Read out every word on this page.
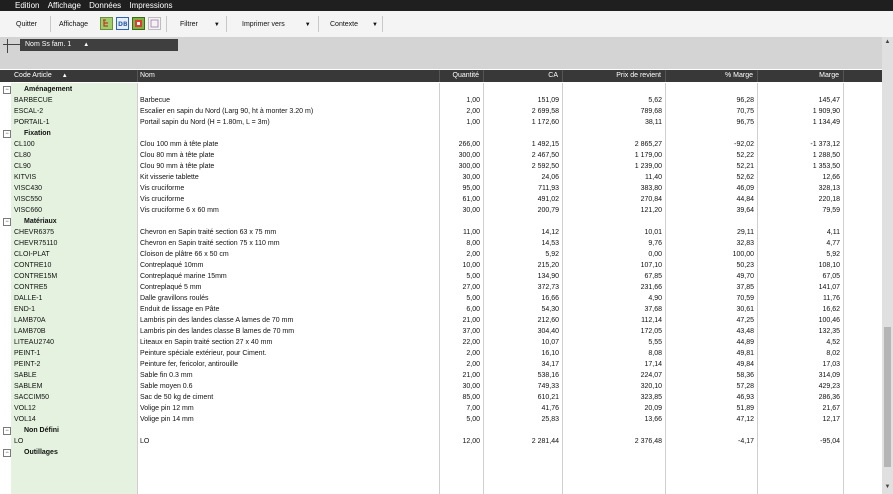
Edition Affichage Données Impressions
Quitter	Affichage	DB	Filtrer	▼	Imprimer vers	▼	Contexte ▼
Nom Ss fam. 1 ▲	▲
▼
Code Article ▲	Nom	Quantité	CA	Prix de revient	% Marge	Marge
−	Aménagement
BARBECUE	Barbecue	1,00	151,09	5,62	96,28	145,47
ESCAL-2	Escalier en sapin du Nord (Larg 90, ht à monter 3.20 m)	2,00	2 699,58	789,68	70,75	1 909,90
PORTAIL-1	Portail sapin du Nord (H = 1.80m, L = 3m)	1,00	1 172,60	38,11	96,75	1 134,49
−	Fixation
CL100	Clou 100 mm à tête plate	266,00	1 492,15	2 865,27	-92,02	-1 373,12
CL80	Clou 80 mm à tête plate	300,00	2 467,50	1 179,00	52,22	1 288,50
CL90	Clou 90 mm à tête plate	300,00	2 592,50	1 239,00	52,21	1 353,50
KITVIS	Kit visserie tablette	30,00	24,06	11,40	52,62	12,66
VISC430	Vis cruciforme	95,00	711,93	383,80	46,09	328,13
VISC550	Vis cruciforme	61,00	491,02	270,84	44,84	220,18
VISC660	Vis cruciforme 6 x 60 mm	30,00	200,79	121,20	39,64	79,59
−	Matériaux
CHEVR6375	Chevron en Sapin traité section 63 x 75 mm	11,00	14,12	10,01	29,11	4,11
CHEVR75110	Chevron en Sapin traité section 75 x 110 mm	8,00	14,53	9,76	32,83	4,77
CLOI-PLAT	Cloison de plâtre 66 x 50 cm	2,00	5,92	0,00	100,00	5,92
CONTRE10	Contreplaqué 10mm	10,00	215,20	107,10	50,23	108,10
CONTRE15M	Contreplaqué marine 15mm	5,00	134,90	67,85	49,70	67,05
CONTRE5	Contreplaqué 5 mm	27,00	372,73	231,66	37,85	141,07
DALLE-1	Dalle gravillons roulés	5,00	16,66	4,90	70,59	11,76
END-1	Enduit de lissage en Pâte	6,00	54,30	37,68	30,61	16,62
LAMB70A	Lambris pin des landes classe A lames de 70 mm	21,00	212,60	112,14	47,25	100,46
LAMB70B	Lambris pin des landes classe B lames de 70 mm	37,00	304,40	172,05	43,48	132,35
LITEAU2740	Liteaux en Sapin traité section 27 x 40 mm	22,00	10,07	5,55	44,89	4,52
PEINT-1	Peinture spéciale extérieur, pour Ciment.	2,00	16,10	8,08	49,81	8,02
PEINT-2	Peinture fer, fericolor, antirouille	2,00	34,17	17,14	49,84	17,03
SABLE	Sable fin 0.3 mm	21,00	538,16	224,07	58,36	314,09
SABLEM	Sable moyen 0.6	30,00	749,33	320,10	57,28	429,23
SACCIM50	Sac de 50 kg de ciment	85,00	610,21	323,85	46,93	286,36
VOL12	Volige pin 12 mm	7,00	41,76	20,09	51,89	21,67
VOL14	Volige pin 14 mm	5,00	25,83	13,66	47,12	12,17
−	Non Défini
LO	LO	12,00	2 281,44	2 376,48	-4,17	-95,04
−	Outillages
